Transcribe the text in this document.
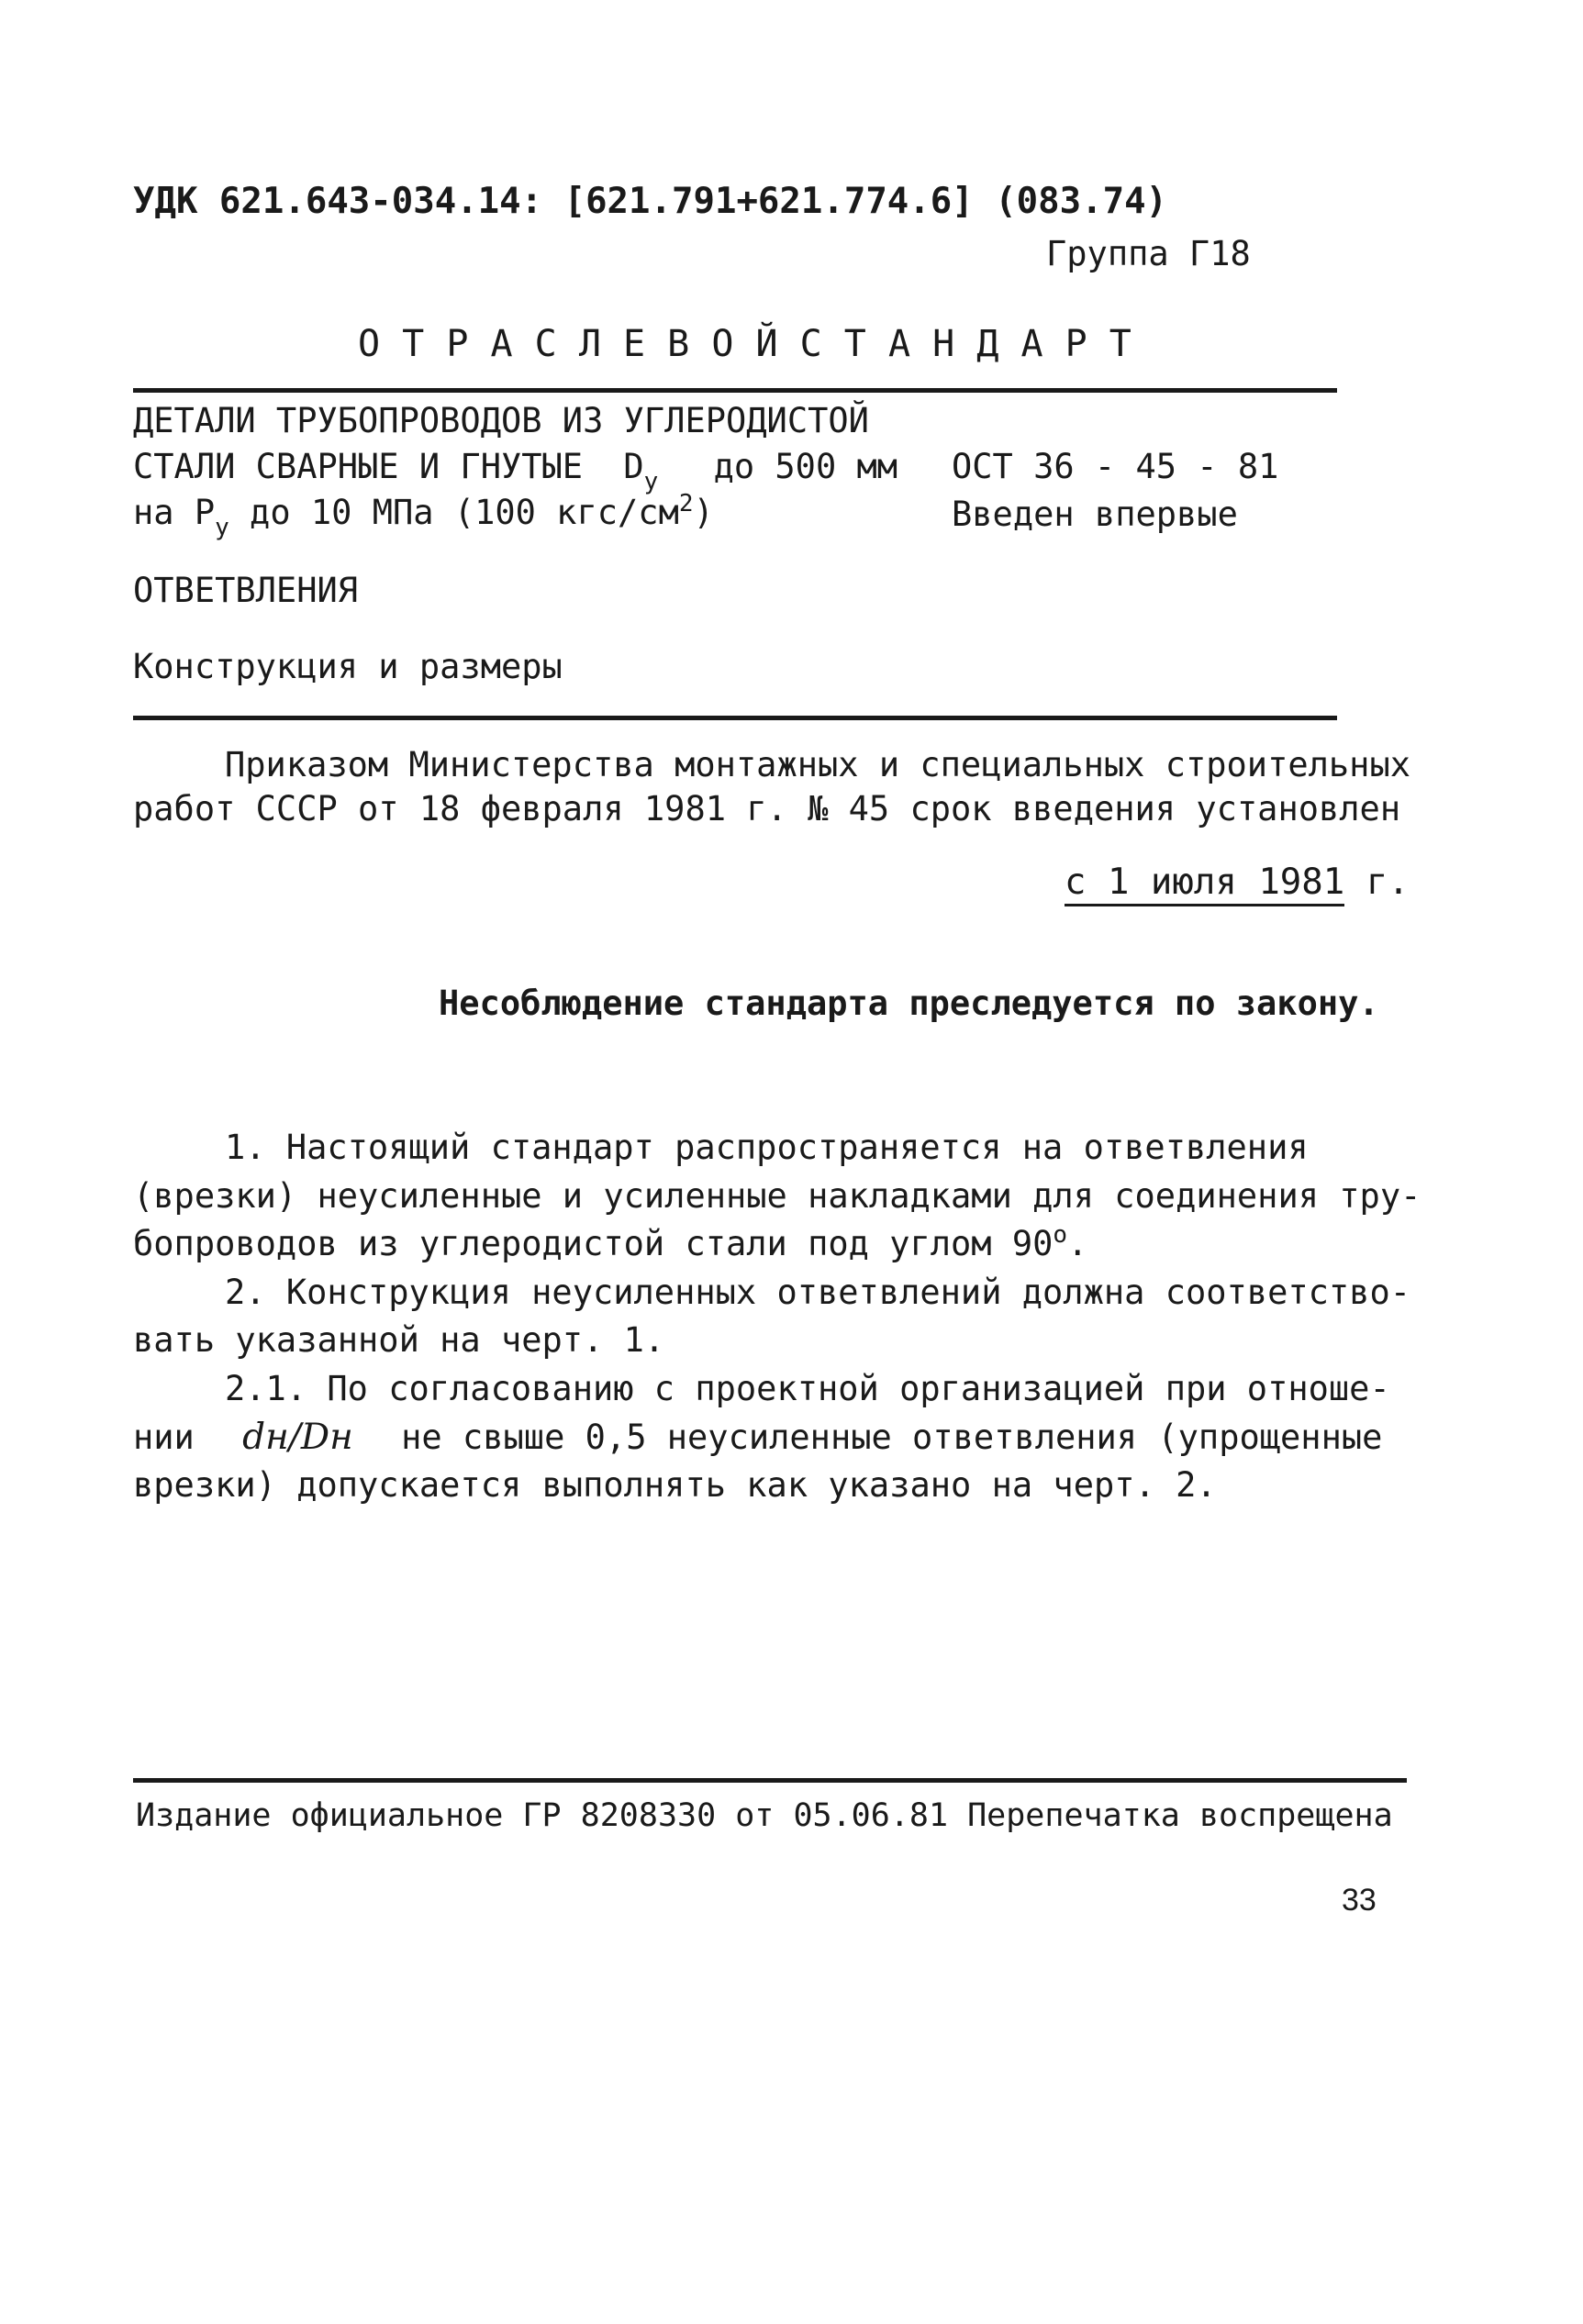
УДК 621.643-034.14: [621.791+621.774.6] (083.74)
Группа Г18
О Т Р А С Л Е В О Й С Т А Н Д А Р Т
ДЕТАЛИ ТРУБОПРОВОДОВ ИЗ УГЛЕРОДИСТОЙ
СТАЛИ СВАРНЫЕ И ГНУТЫЕ $D_у$ до 500 мм
на $P_у$ до 10 МПа (100 кгс/$см^2$)
ОСТ 36 - 45 - 81
Введен впервые
ОТВЕТВЛЕНИЯ
Конструкция и размеры
Приказом Министерства монтажных и специальных строительных
работ СССР от 18 февраля 1981 г. № 45 срок введения установлен
с 1 июля 1981 г.
Несоблюдение стандарта преследуется по закону.
1. Настоящий стандарт распространяется на ответвления
(врезки) неусиленные и усиленные накладками для соединения тру-
бопроводов из углеродистой стали под углом $90^о$.
2. Конструкция неусиленных ответвлений должна соответство-
вать указанной на черт. 1.
2.1. По согласованию с проектной организацией при отноше-
нии dн/Dн не свыше 0,5 неусиленные ответвления (упрощенные
врезки) допускается выполнять как указано на черт. 2.
Издание официальное ГР 8208330 от 05.06.81 Перепечатка воспрещена
33
